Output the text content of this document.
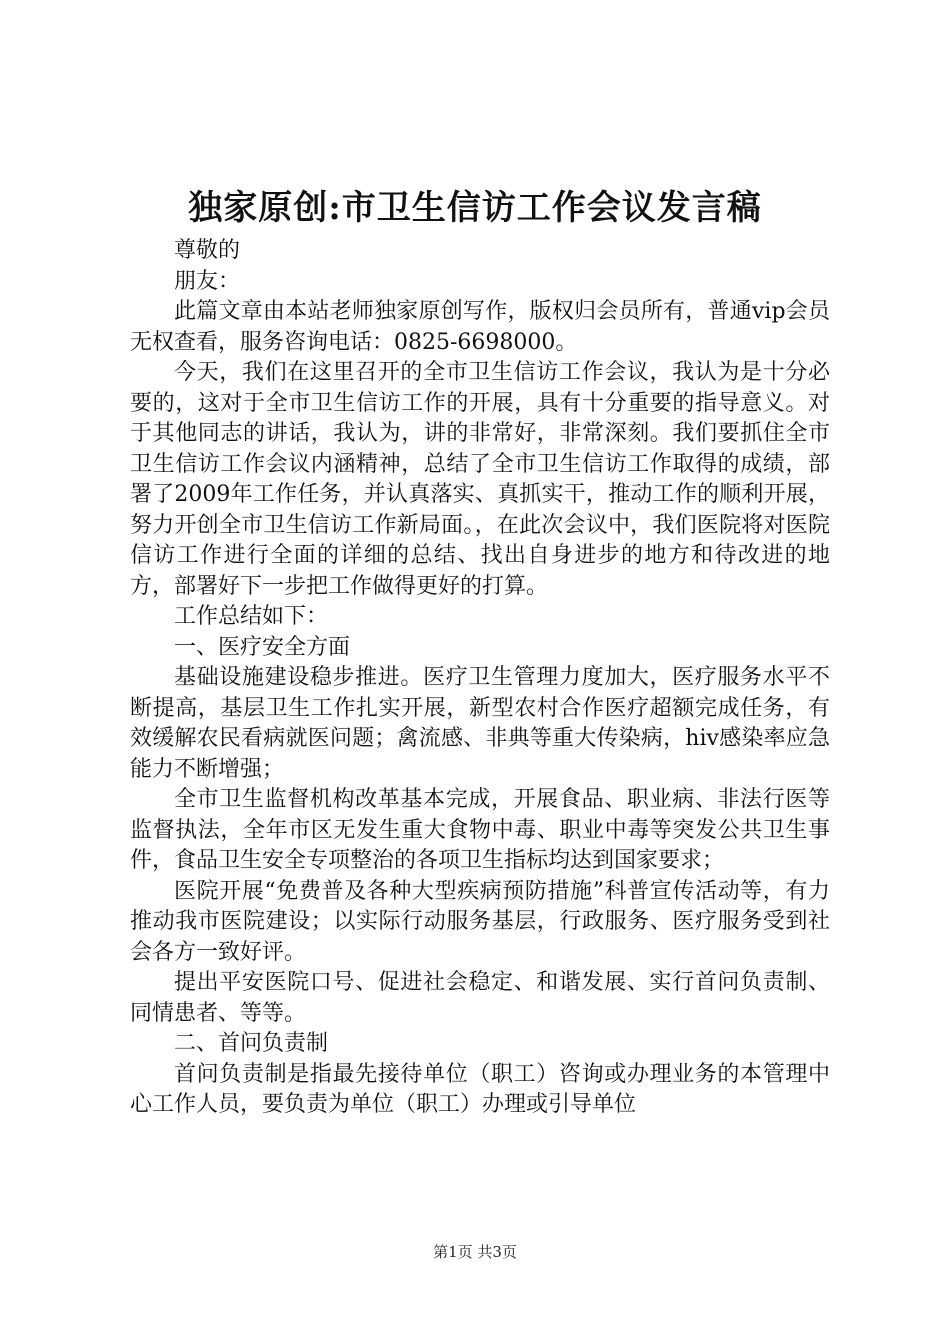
独家原创:市卫生信访工作会议发言稿

尊敬的

朋友：

此篇文章由本站老师独家原创写作，版权归会员所有，普通vip会员无权查看，服务咨询电话：0825-6698000。

今天，我们在这里召开的全市卫生信访工作会议，我认为是十分必要的，这对于全市卫生信访工作的开展，具有十分重要的指导意义。对于其他同志的讲话，我认为，讲的非常好，非常深刻。我们要抓住全市卫生信访工作会议内涵精神，总结了全市卫生信访工作取得的成绩，部署了2009年工作任务，并认真落实、真抓实干，推动工作的顺利开展，努力开创全市卫生信访工作新局面。，在此次会议中，我们医院将对医院信访工作进行全面的详细的总结、找出自身进步的地方和待改进的地方，部署好下一步把工作做得更好的打算。

工作总结如下：

一、医疗安全方面

基础设施建设稳步推进。医疗卫生管理力度加大，医疗服务水平不断提高，基层卫生工作扎实开展，新型农村合作医疗超额完成任务，有效缓解农民看病就医问题；禽流感、非典等重大传染病，hiv感染率应急能力不断增强；

全市卫生监督机构改革基本完成，开展食品、职业病、非法行医等监督执法，全年市区无发生重大食物中毒、职业中毒等突发公共卫生事件，食品卫生安全专项整治的各项卫生指标均达到国家要求；

医院开展“免费普及各种大型疾病预防措施”科普宣传活动等，有力推动我市医院建设；以实际行动服务基层，行政服务、医疗服务受到社会各方一致好评。

提出平安医院口号、促进社会稳定、和谐发展、实行首问负责制、同情患者、等等。

二、首问负责制

首问负责制是指最先接待单位（职工）咨询或办理业务的本管理中心工作人员，要负责为单位（职工）办理或引导单位

第1页 共3页
